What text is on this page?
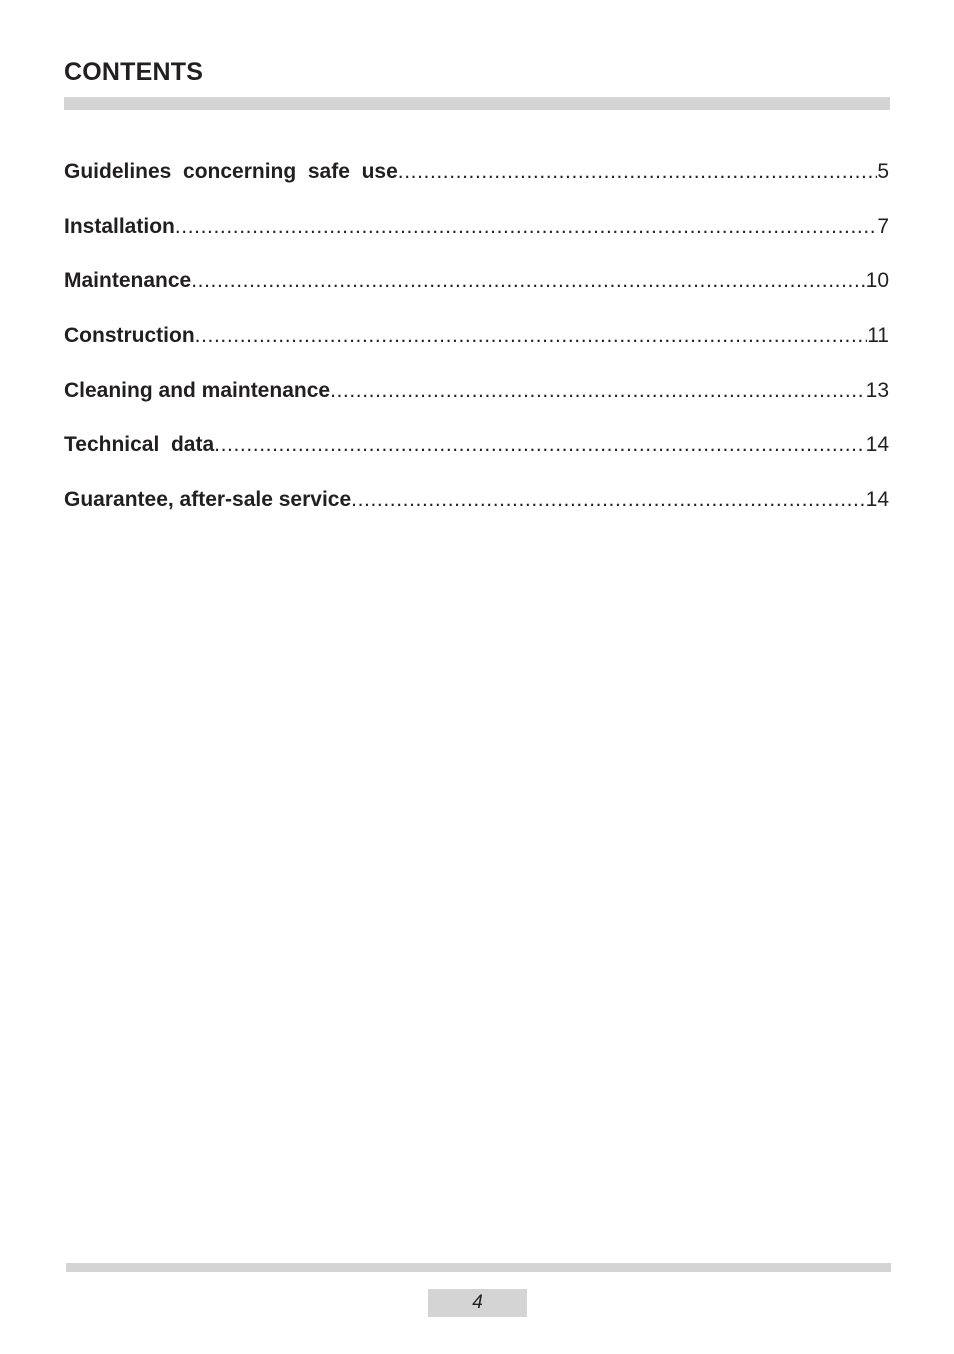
CONTENTS
Guidelines  concerning  safe  use .....	5
Installation .....	7
Maintenance .....	10
Construction .....	11
Cleaning and maintenance .....	13
Technical  data .....	14
Guarantee, after-sale service .....	14
4
